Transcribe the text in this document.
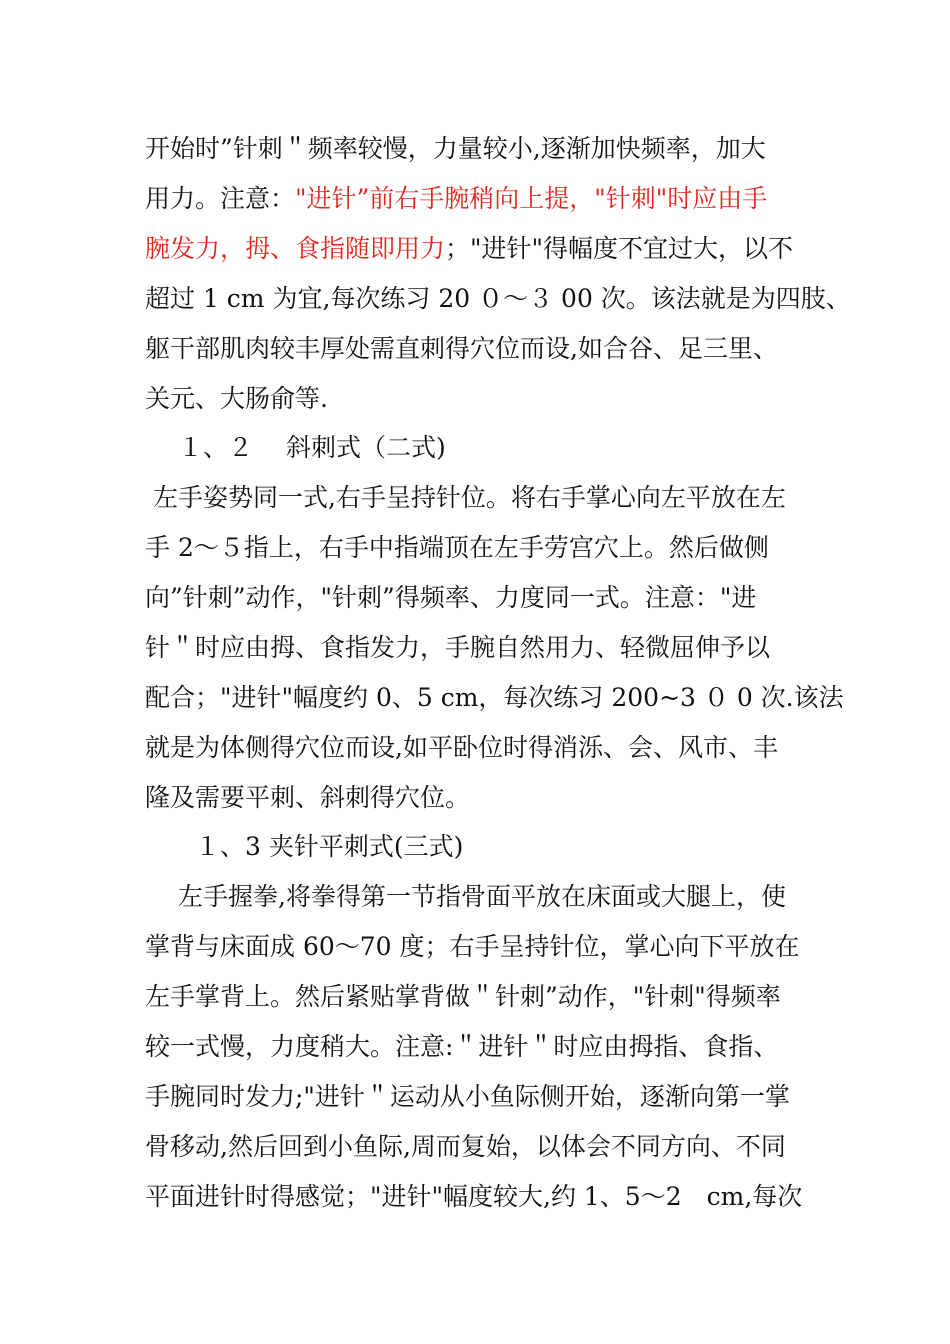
开始时”针刺＂频率较慢，力量较小,逐渐加快频率，加大
用力。注意："进针”前右手腕稍向上提，"针刺"时应由手
腕发力，拇、食指随即用力；"进针"得幅度不宜过大，以不
超过 1 cm 为宜,每次练习 20 ０～３ 00 次。该法就是为四肢、
躯干部肌肉较丰厚处需直刺得穴位而设,如合谷、足三里、
关元、大肠俞等.
１、２　 斜刺式（二式)
左手姿势同一式,右手呈持针位。将右手掌心向左平放在左
手 2～５指上，右手中指端顶在左手劳宫穴上。然后做侧
向”针刺”动作，"针刺”得频率、力度同一式。注意："进
针＂时应由拇、食指发力，手腕自然用力、轻微屈伸予以
配合；"进针"幅度约 0、5 cm，每次练习 200~3 ０ 0 次.该法
就是为体侧得穴位而设,如平卧位时得消泺、会、风市、丰
隆及需要平刺、斜刺得穴位。
１、3 夹针平刺式(三式)
左手握拳,将拳得第一节指骨面平放在床面或大腿上，使
掌背与床面成 60～70 度；右手呈持针位，掌心向下平放在
左手掌背上。然后紧贴掌背做＂针刺”动作，"针刺"得频率
较一式慢，力度稍大。注意:＂进针＂时应由拇指、食指、
手腕同时发力;"进针＂运动从小鱼际侧开始，逐渐向第一掌
骨移动,然后回到小鱼际,周而复始，以体会不同方向、不同
平面进针时得感觉；"进针"幅度较大,约 1、5～2　cm,每次
